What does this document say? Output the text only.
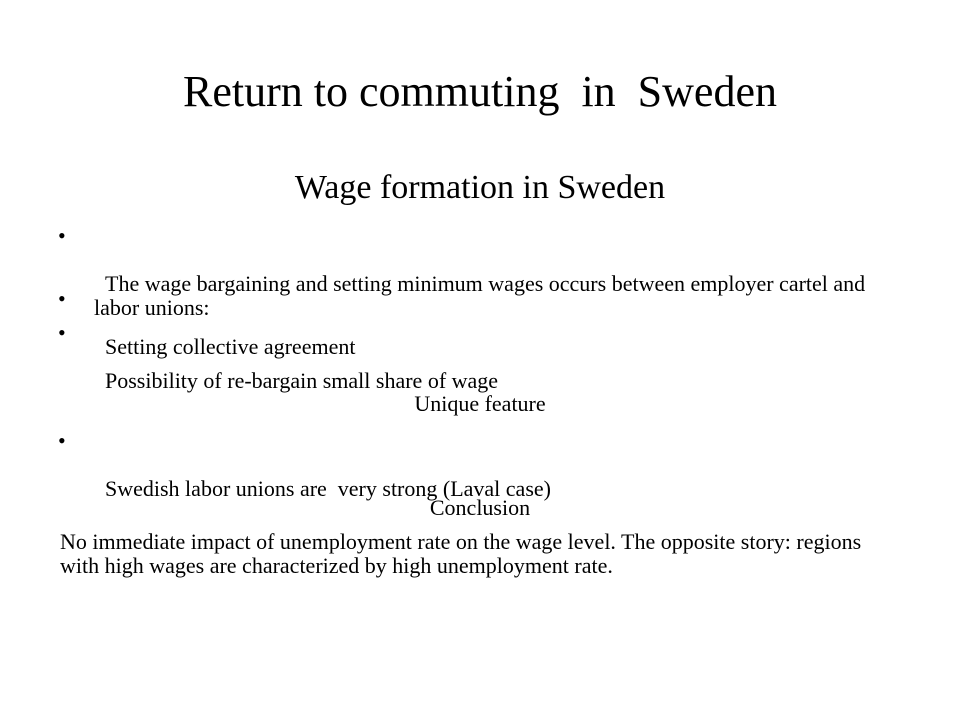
Return to commuting  in  Sweden
Wage formation in Sweden

•

The wage bargaining and setting minimum wages occurs between employer cartel and labor unions:

•

Setting collective agreement

•

Possibility of re-bargain small share of wage

Unique feature

•

Swedish labor unions are  very strong (Laval case)

Conclusion

No immediate impact of unemployment rate on the wage level. The opposite story: regions with high wages are characterized by high unemployment rate.
